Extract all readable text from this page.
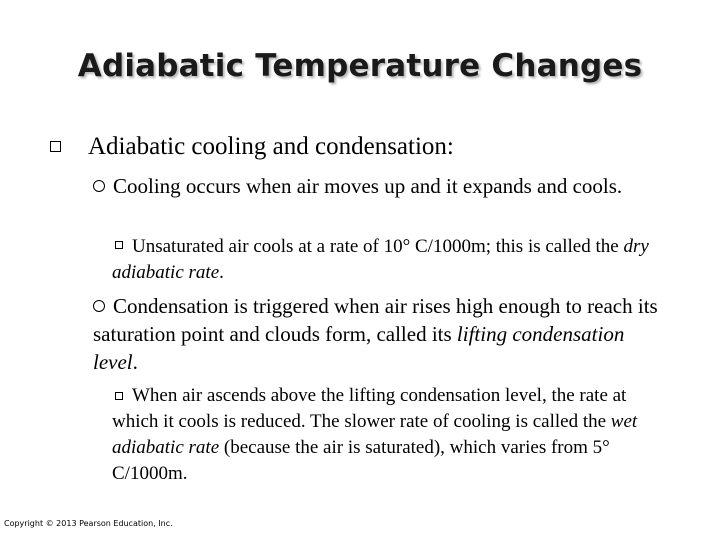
Adiabatic Temperature Changes
Adiabatic cooling and condensation:
Cooling occurs when air moves up and it expands and cools.
Unsaturated air cools at a rate of 10° C/1000m; this is called the dry adiabatic rate.
Condensation is triggered when air rises high enough to reach its saturation point and clouds form, called its lifting condensation level.
When air ascends above the lifting condensation level, the rate at which it cools is reduced. The slower rate of cooling is called the wet adiabatic rate (because the air is saturated), which varies from 5° C/1000m.
Copyright © 2013 Pearson Education, Inc.
